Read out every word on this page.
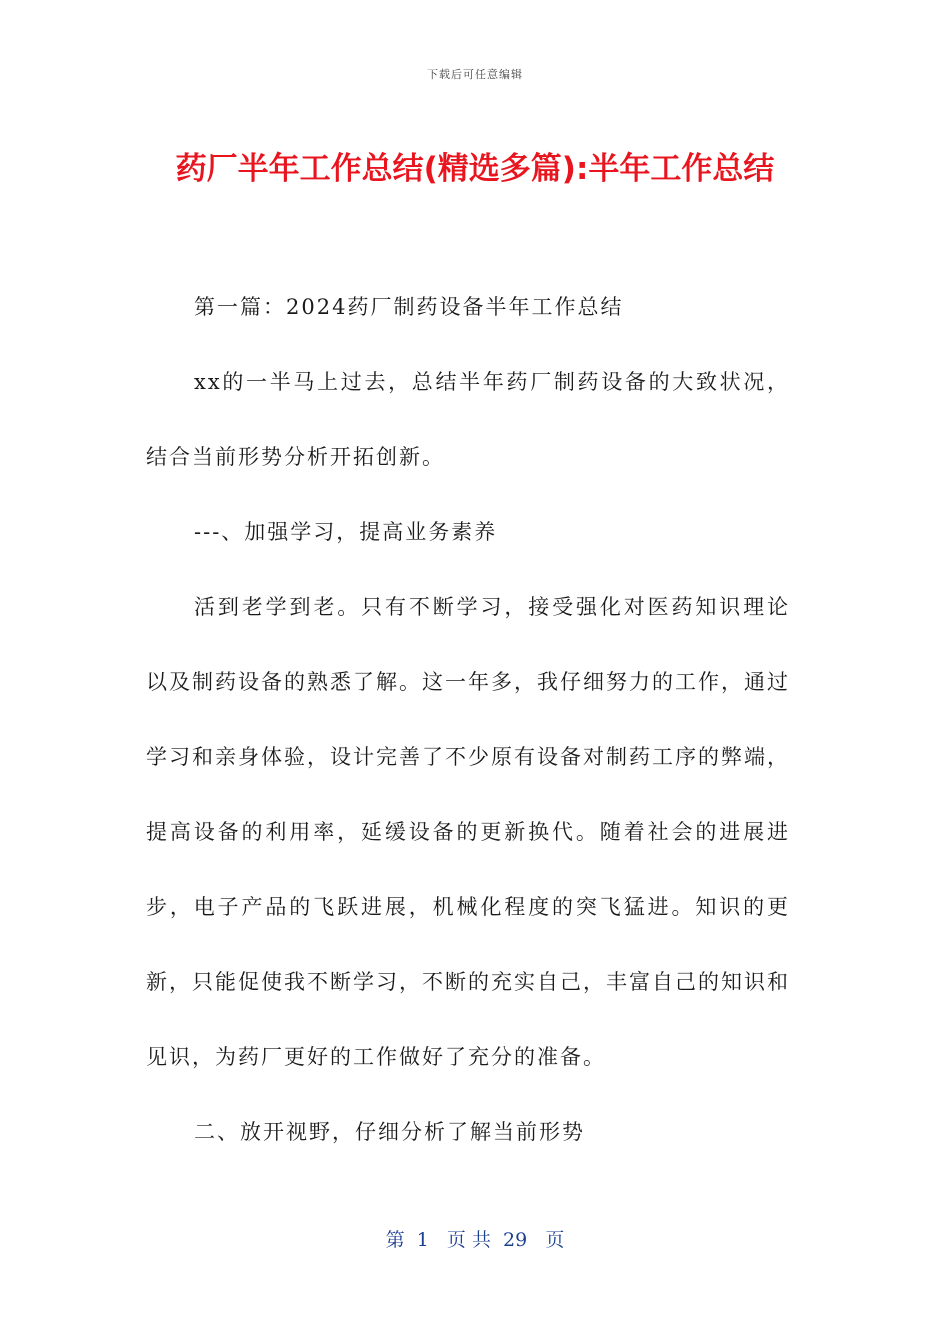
下载后可任意编辑
药厂半年工作总结(精选多篇):半年工作总结

第一篇：2024药厂制药设备半年工作总结

xx的一半马上过去，总结半年药厂制药设备的大致状况，结合当前形势分析开拓创新。

---、加强学习，提高业务素养

活到老学到老。只有不断学习，接受强化对医药知识理论以及制药设备的熟悉了解。这一年多，我仔细努力的工作，通过学习和亲身体验，设计完善了不少原有设备对制药工序的弊端，提高设备的利用率，延缓设备的更新换代。随着社会的进展进步，电子产品的飞跃进展，机械化程度的突飞猛进。知识的更新，只能促使我不断学习，不断的充实自己，丰富自己的知识和见识，为药厂更好的工作做好了充分的准备。

二、放开视野，仔细分析了解当前形势

第  1   页 共  29   页
